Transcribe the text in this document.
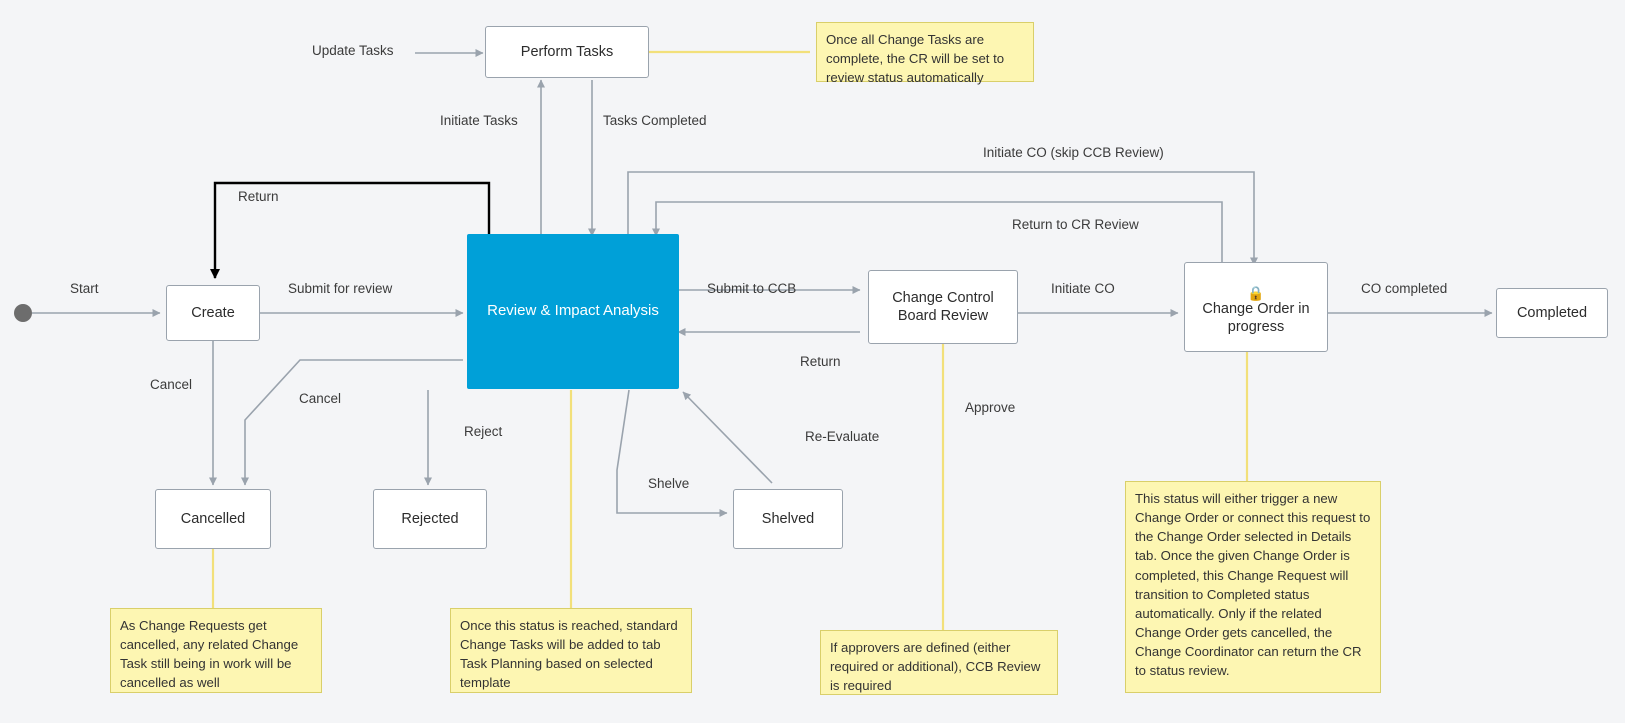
Create	Review & Impact Analysis
Perform Tasks
Change Control Board Review
🔒
Change Order in progress
Completed
Cancelled	Rejected	Shelved
Start	Submit for review
Return
Update Tasks
Initiate Tasks	Tasks Completed
Submit to CCB
Return
Initiate CO	CO completed
Initiate CO (skip CCB Review)
Return to CR Review
Approve
Cancel
Cancel
Reject
Shelve
Re-Evaluate
Once all Change Tasks are complete, the CR will be set to review status automatically
As Change Requests get cancelled, any related Change Task still being in work will be cancelled as well
Once this status is reached, standard Change Tasks will be added to tab Task Planning based on selected template
If approvers are defined (either required or additional), CCB Review is required
This status will either trigger a new Change Order or connect this request to the Change Order selected in Details tab. Once the given Change Order is completed, this Change Request will transition to Completed status automatically. Only if the related Change Order gets cancelled, the Change Coordinator can return the CR to status review.
